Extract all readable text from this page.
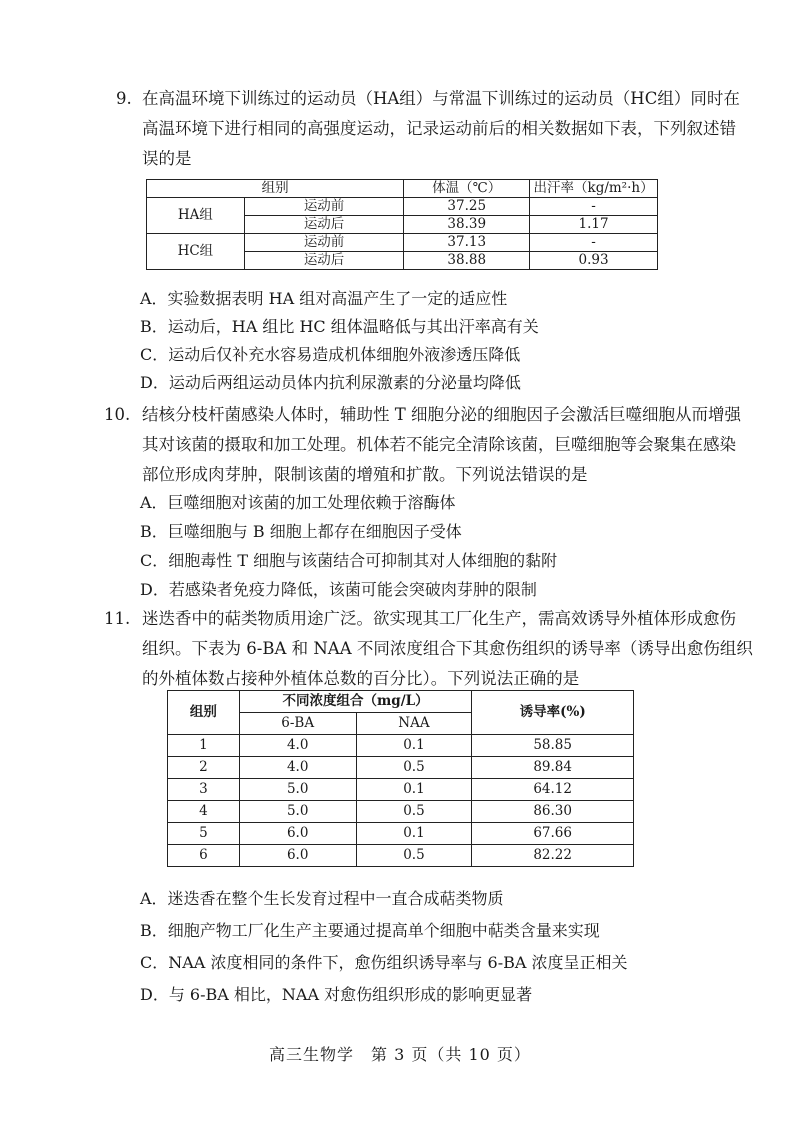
9. 在高温环境下训练过的运动员（HA组）与常温下训练过的运动员（HC组）同时在
高温环境下进行相同的高强度运动，记录运动前后的相关数据如下表，下列叙述错
误的是
组别		体温（℃）	出汗率（kg/m²·h）
HA组	运动前	37.25	-
	运动后	38.39	1.17
HC组	运动前	37.13	-
	运动后	38.88	0.93
A．实验数据表明 HA 组对高温产生了一定的适应性
B．运动后，HA 组比 HC 组体温略低与其出汗率高有关
C．运动后仅补充水容易造成机体细胞外液渗透压降低
D．运动后两组运动员体内抗利尿激素的分泌量均降低
10. 结核分枝杆菌感染人体时，辅助性 T 细胞分泌的细胞因子会激活巨噬细胞从而增强
其对该菌的摄取和加工处理。机体若不能完全清除该菌，巨噬细胞等会聚集在感染
部位形成肉芽肿，限制该菌的增殖和扩散。下列说法错误的是
A．巨噬细胞对该菌的加工处理依赖于溶酶体
B．巨噬细胞与 B 细胞上都存在细胞因子受体
C．细胞毒性 T 细胞与该菌结合可抑制其对人体细胞的黏附
D．若感染者免疫力降低，该菌可能会突破肉芽肿的限制
11. 迷迭香中的萜类物质用途广泛。欲实现其工厂化生产，需高效诱导外植体形成愈伤
组织。下表为 6-BA 和 NAA 不同浓度组合下其愈伤组织的诱导率（诱导出愈伤组织
的外植体数占接种外植体总数的百分比）。下列说法正确的是
组别	不同浓度组合（mg/L）		诱导率(%)
	6-BA	NAA	
1	4.0	0.1	58.85
2	4.0	0.5	89.84
3	5.0	0.1	64.12
4	5.0	0.5	86.30
5	6.0	0.1	67.66
6	6.0	0.5	82.22
A．迷迭香在整个生长发育过程中一直合成萜类物质
B．细胞产物工厂化生产主要通过提高单个细胞中萜类含量来实现
C．NAA 浓度相同的条件下，愈伤组织诱导率与 6-BA 浓度呈正相关
D．与 6-BA 相比，NAA 对愈伤组织形成的影响更显著
高三生物学　第 3 页（共 10 页）
